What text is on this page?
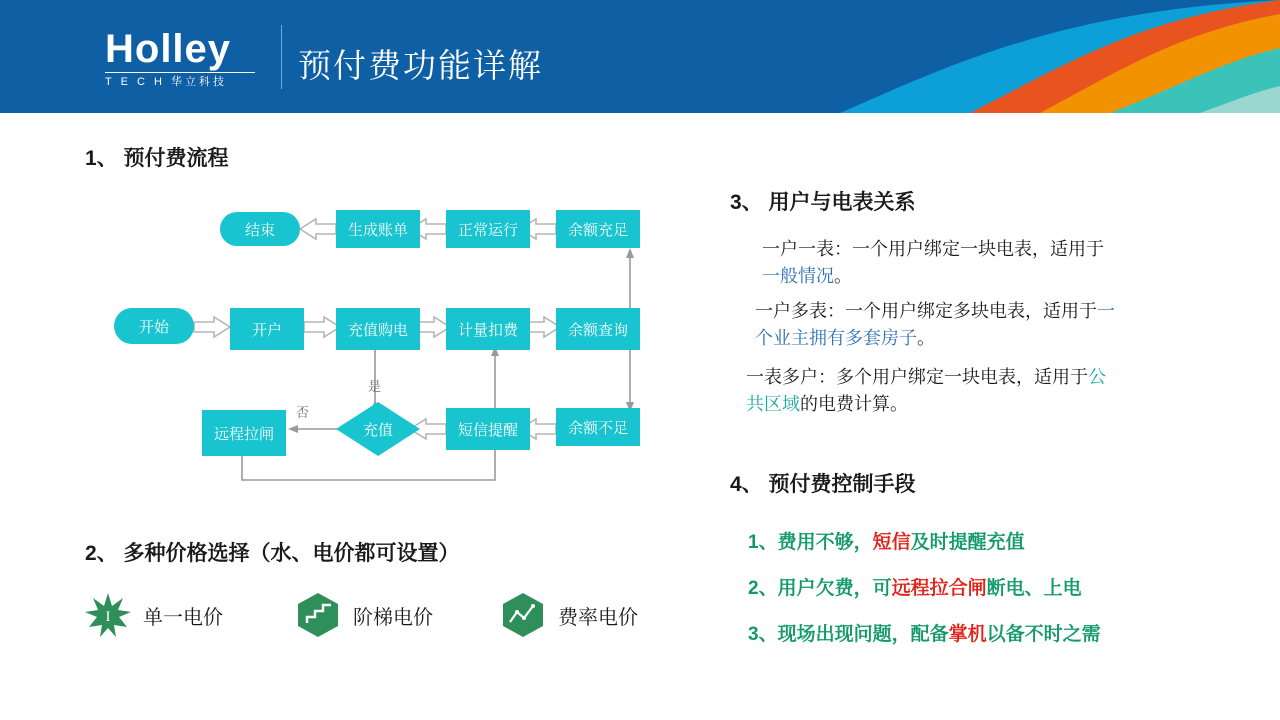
Holley
T E C H 华立科技	预付费功能详解
1、 预付费流程
结束	生成账单	正常运行	余额充足
开始	开户	充值购电	计量扣费	余额查询
远程拉闸	充值	短信提醒	余额不足
是
否
2、 多种价格选择（水、电价都可设置）
I 单一电价	阶梯电价	费率电价
3、 用户与电表关系
一户一表：一个用户绑定一块电表，适用于一般情况。
一户多表：一个用户绑定多块电表，适用于一个业主拥有多套房子。
一表多户：多个用户绑定一块电表，适用于公共区域的电费计算。
4、 预付费控制手段
1、费用不够，短信及时提醒充值
2、用户欠费，可远程拉合闸断电、上电
3、现场出现问题，配备掌机以备不时之需
